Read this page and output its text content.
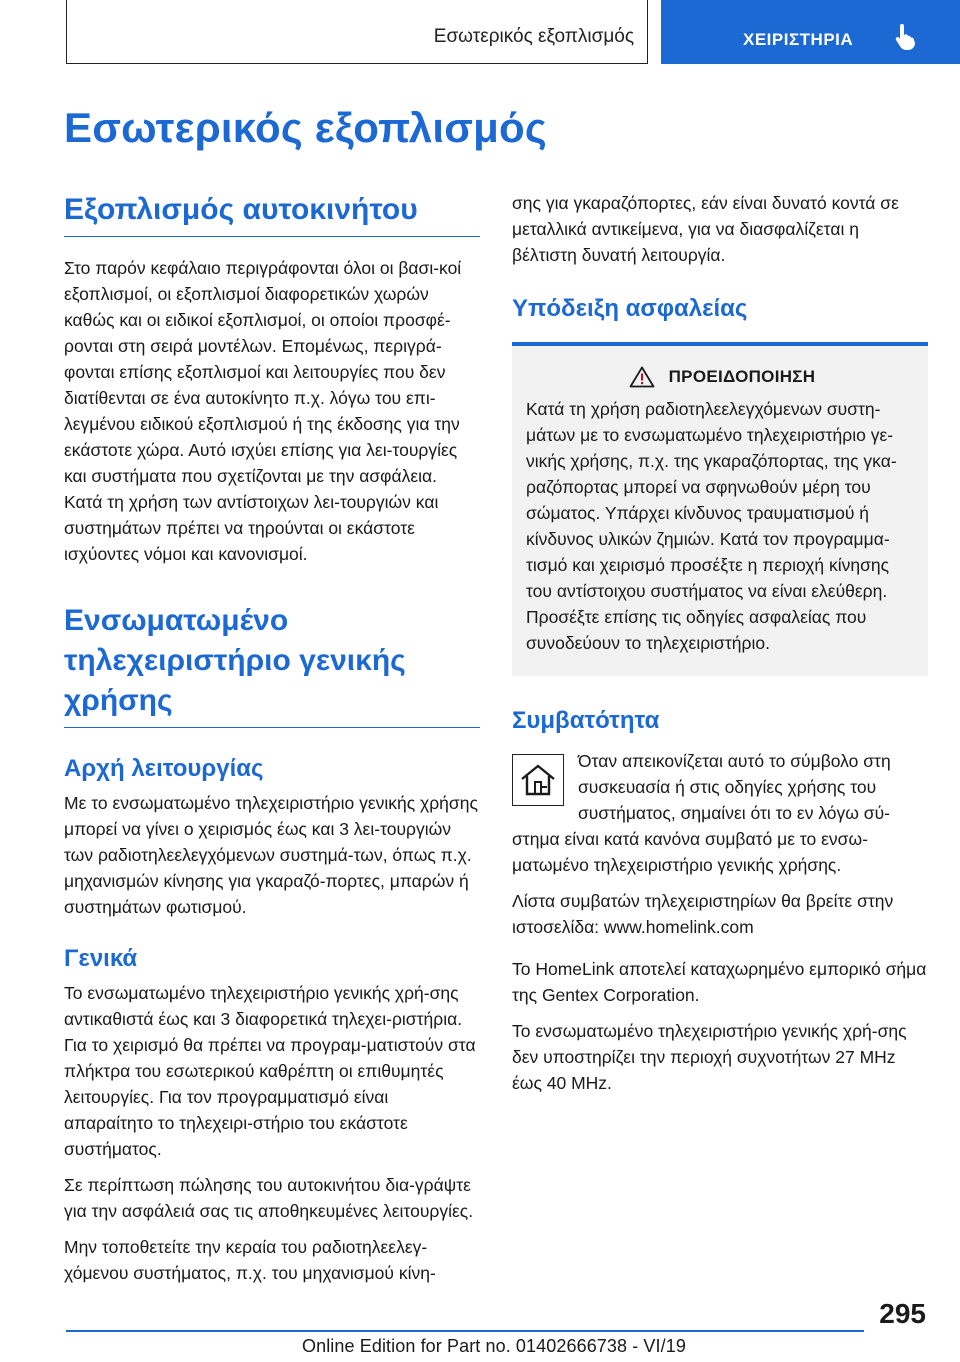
Εσωτερικός εξοπλισμός	ΧΕΙΡΙΣΤΗΡΙΑ
Εσωτερικός εξοπλισμός
Εξοπλισμός αυτοκινήτου

Στο παρόν κεφάλαιο περιγράφονται όλοι οι βασι-κοί εξοπλισμοί, οι εξοπλισμοί διαφορετικών χωρών καθώς και οι ειδικοί εξοπλισμοί, οι οποίοι προσφέ-ρονται στη σειρά μοντέλων. Επομένως, περιγρά-φονται επίσης εξοπλισμοί και λειτουργίες που δεν διατίθενται σε ένα αυτοκίνητο π.χ. λόγω του επι-λεγμένου ειδικού εξοπλισμού ή της έκδοσης για την εκάστοτε χώρα. Αυτό ισχύει επίσης για λει-τουργίες και συστήματα που σχετίζονται με την ασφάλεια. Κατά τη χρήση των αντίστοιχων λει-τουργιών και συστημάτων πρέπει να τηρούνται οι εκάστοτε ισχύοντες νόμοι και κανονισμοί.

Ενσωματωμένο τηλεχειριστήριο γενικής χρήσης
Αρχή λειτουργίας

Με το ενσωματωμένο τηλεχειριστήριο γενικής χρήσης μπορεί να γίνει ο χειρισμός έως και 3 λει-τουργιών των ραδιοτηλεελεγχόμενων συστημά-των, όπως π.χ. μηχανισμών κίνησης για γκαραζό-πορτες, μπαρών ή συστημάτων φωτισμού.

Γενικά

Το ενσωματωμένο τηλεχειριστήριο γενικής χρή-σης αντικαθιστά έως και 3 διαφορετικά τηλεχει-ριστήρια. Για το χειρισμό θα πρέπει να προγραμ-ματιστούν στα πλήκτρα του εσωτερικού καθρέπτη οι επιθυμητές λειτουργίες. Για τον προγραμματισμό είναι απαραίτητο το τηλεχειρι-στήριο του εκάστοτε συστήματος.

Σε περίπτωση πώλησης του αυτοκινήτου δια-γράψτε για την ασφάλειά σας τις αποθηκευμένες λειτουργίες.

Μην τοποθετείτε την κεραία του ραδιοτηλεελεγ-χόμενου συστήματος, π.χ. του μηχανισμού κίνη-

σης για γκαραζόπορτες, εάν είναι δυνατό κοντά σε μεταλλικά αντικείμενα, για να διασφαλίζεται η βέλτιστη δυνατή λειτουργία.

Υπόδειξη ασφαλείας
ΠΡΟΕΙΔΟΠΟΙΗΣΗ

Κατά τη χρήση ραδιοτηλεελεγχόμενων συστη-μάτων με το ενσωματωμένο τηλεχειριστήριο γε-νικής χρήσης, π.χ. της γκαραζόπορτας, της γκα-ραζόπορτας μπορεί να σφηνωθούν μέρη του σώματος. Υπάρχει κίνδυνος τραυματισμού ή κίνδυνος υλικών ζημιών. Κατά τον προγραμμα-τισμό και χειρισμό προσέξτε η περιοχή κίνησης του αντίστοιχου συστήματος να είναι ελεύθερη. Προσέξτε επίσης τις οδηγίες ασφαλείας που συνοδεύουν το τηλεχειριστήριο.

Συμβατότητα

Όταν απεικονίζεται αυτό το σύμβολο στη συσκευασία ή στις οδηγίες χρήσης του συστήματος, σημαίνει ότι το εν λόγω σύ-στημα είναι κατά κανόνα συμβατό με το ενσω-ματωμένο τηλεχειριστήριο γενικής χρήσης.

Λίστα συμβατών τηλεχειριστηρίων θα βρείτε στην ιστοσελίδα: www.homelink.com

Το HomeLink αποτελεί καταχωρημένο εμπορικό σήμα της Gentex Corporation.

Το ενσωματωμένο τηλεχειριστήριο γενικής χρή-σης δεν υποστηρίζει την περιοχή συχνοτήτων 27 MHz έως 40 MHz.

295
Online Edition for Part no. 01402666738 - VI/19
